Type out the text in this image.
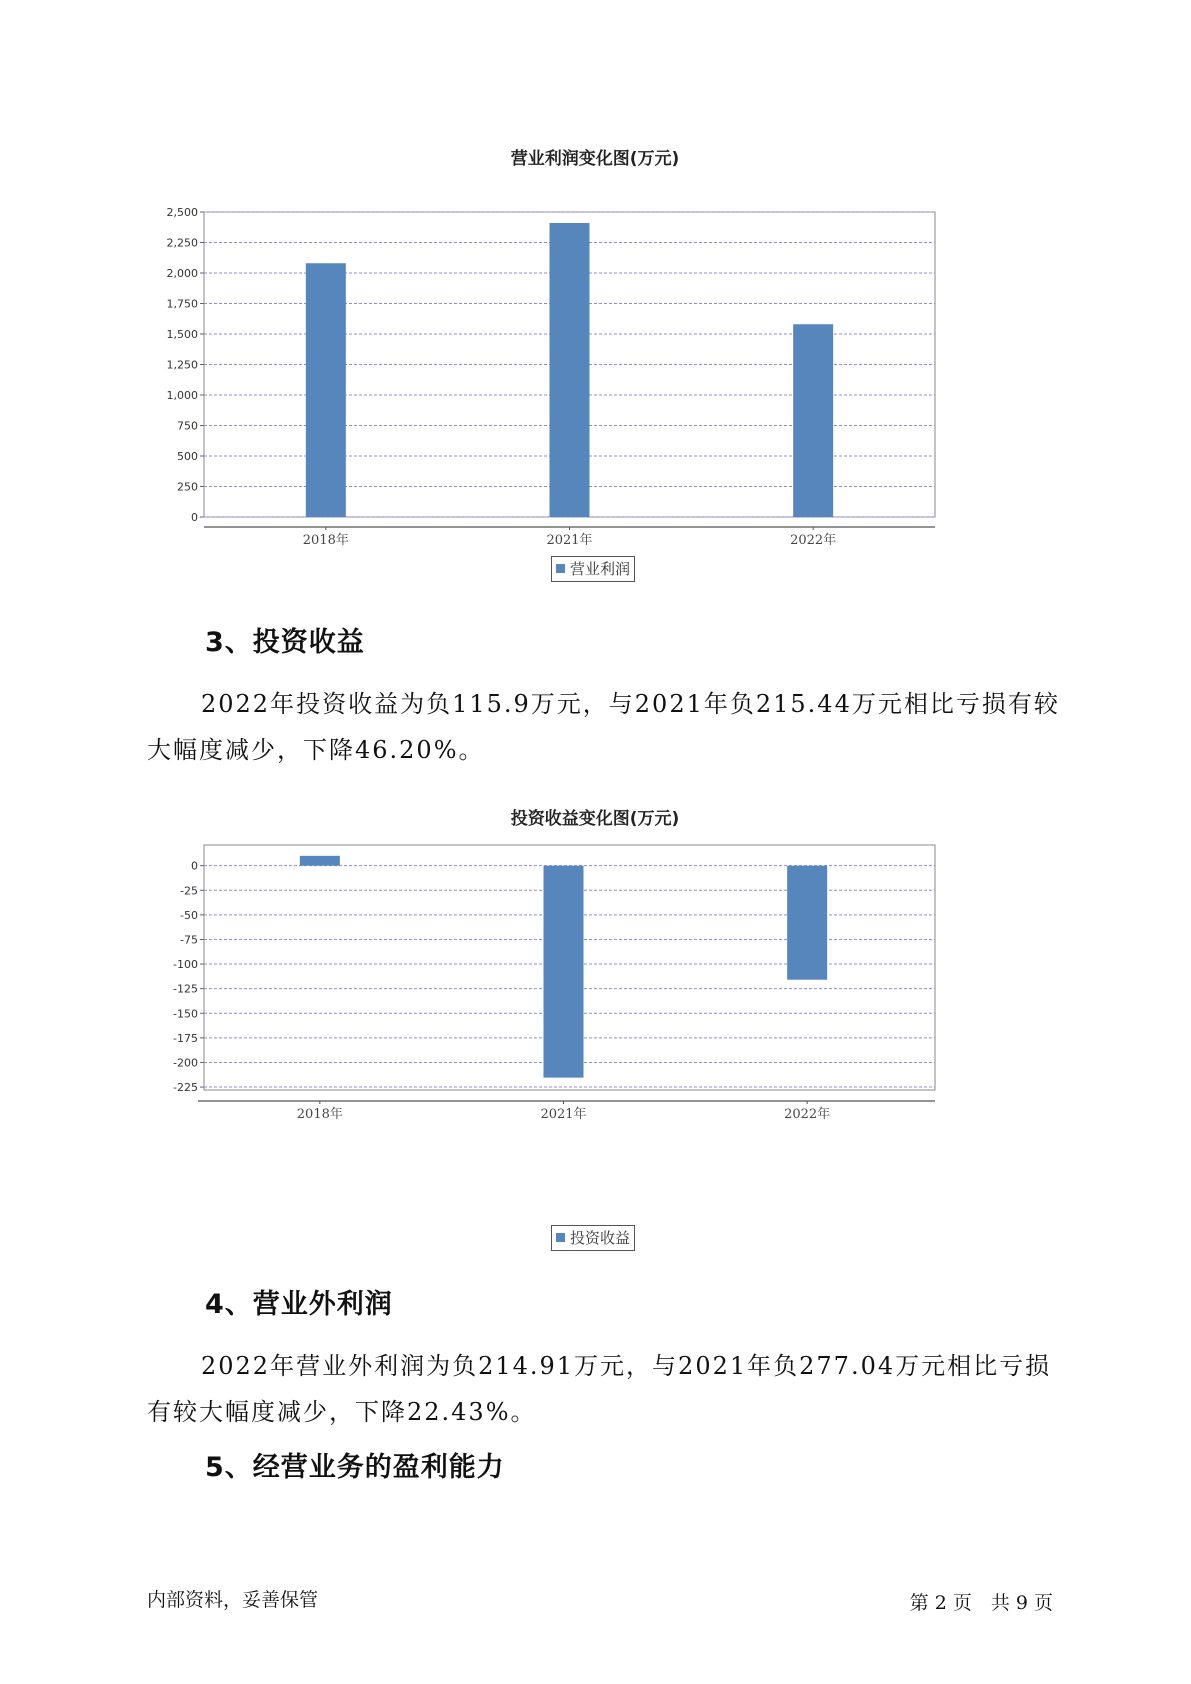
营业利润变化图(万元)
0
250
500
750
1,000
1,250
1,500
1,750
2,000
2,250
2,500
2018年	2021年	2022年
营业利润
3、投资收益
2022年投资收益为负115.9万元，与2021年负215.44万元相比亏损有较大幅度减少，下降46.20%。
投资收益变化图(万元)
0
-25
-50
-75
-100
-125
-150
-175
-200
-225
2018年	2021年	2022年
投资收益
4、营业外利润
2022年营业外利润为负214.91万元，与2021年负277.04万元相比亏损有较大幅度减少，下降22.43%。
5、经营业务的盈利能力
内部资料，妥善保管	第 2 页　共 9 页
